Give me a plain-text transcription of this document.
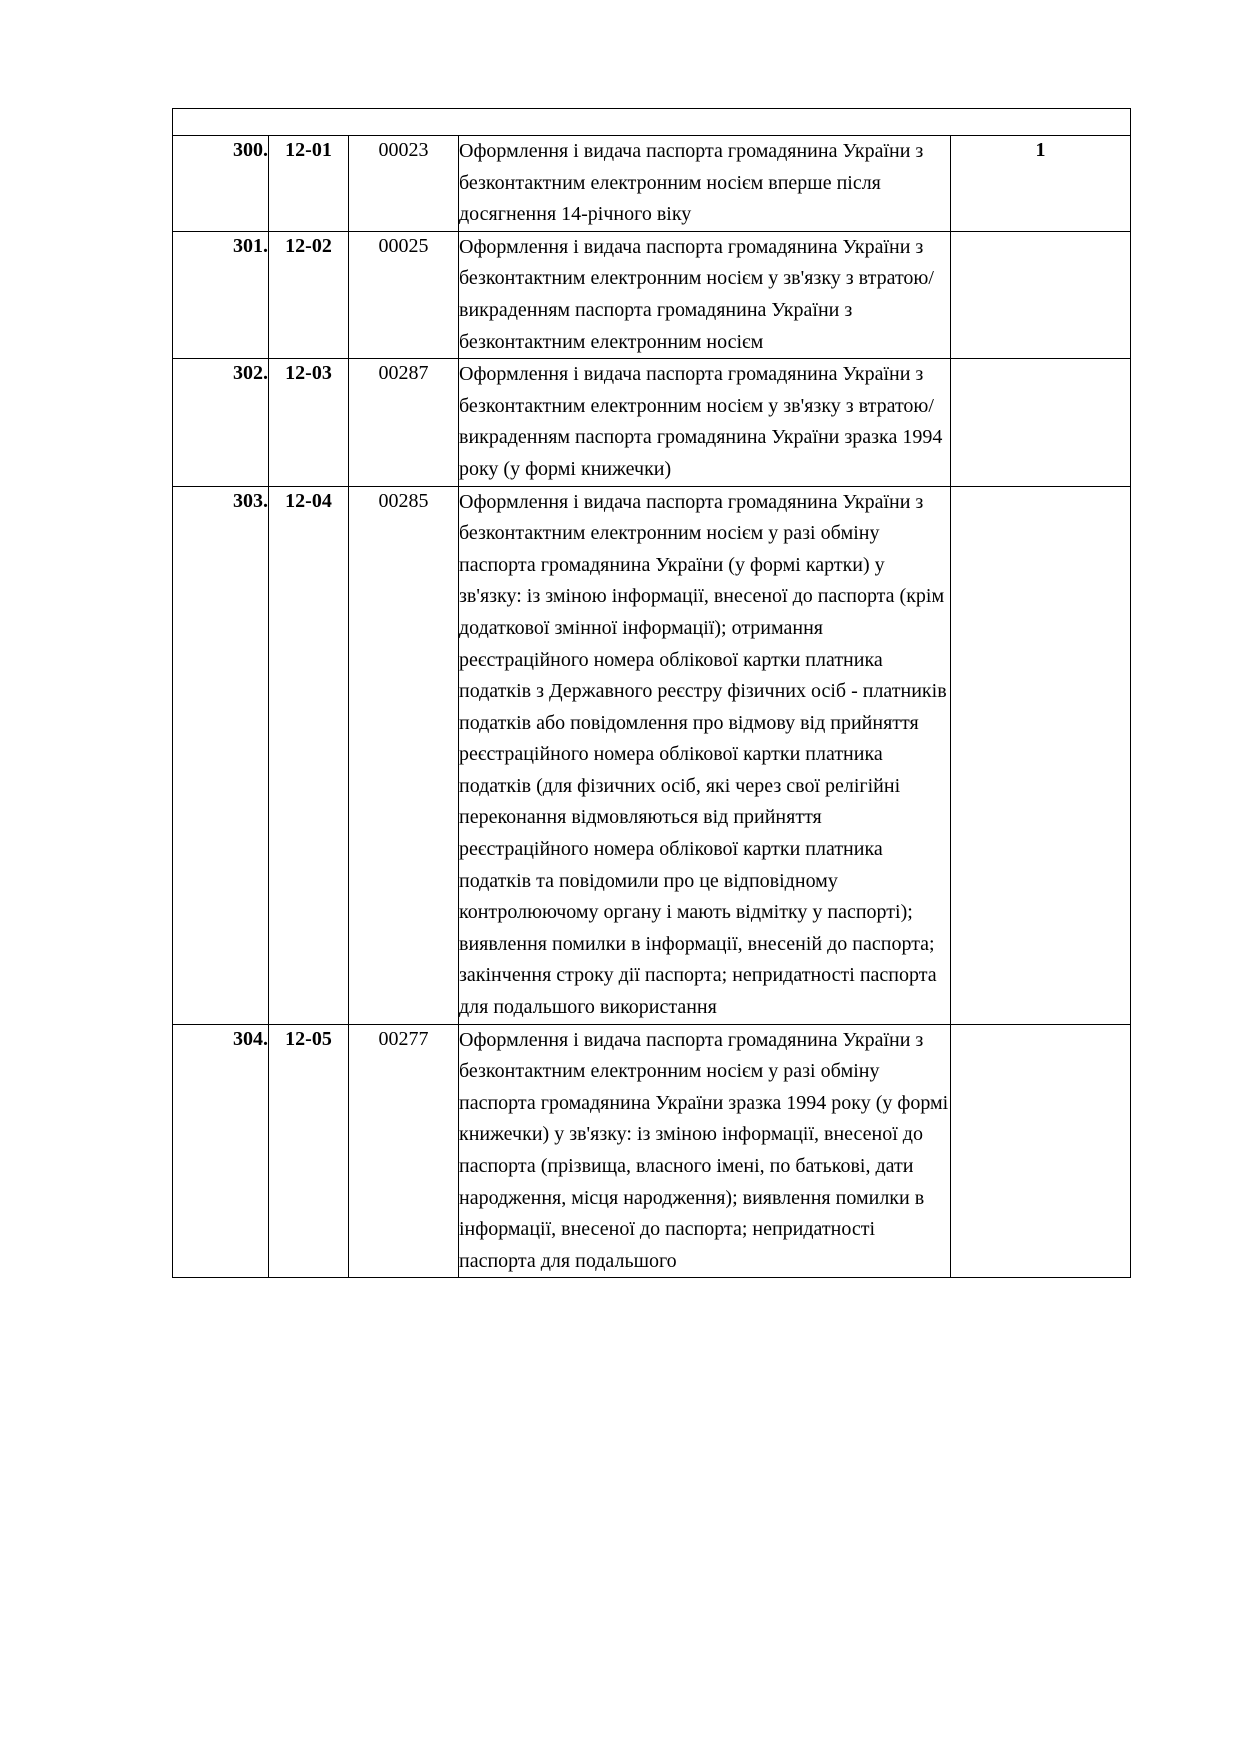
300.	12-01	00023	Оформлення і видача паспорта громадянина України з безконтактним електронним носієм вперше після досягнення 14-річного віку	1
301.	12-02	00025	Оформлення і видача паспорта громадянина України з безконтактним електронним носієм у зв'язку з втратою/викраденням паспорта громадянина України з безконтактним електронним носієм	
302.	12-03	00287	Оформлення і видача паспорта громадянина України з безконтактним електронним носієм у зв'язку з втратою/викраденням паспорта громадянина України зразка 1994 року (у формі книжечки)	
303.	12-04	00285	Оформлення і видача паспорта громадянина України з безконтактним електронним носієм у разі обміну паспорта громадянина України (у формі картки) у зв'язку: із зміною інформації, внесеної до паспорта (крім додаткової змінної інформації); отримання реєстраційного номера облікової картки платника податків з Державного реєстру фізичних осіб - платників податків або повідомлення про відмову від прийняття реєстраційного номера облікової картки платника податків (для фізичних осіб, які через свої релігійні переконання відмовляються від прийняття реєстраційного номера облікової картки платника податків та повідомили про це відповідному контролюючому органу і мають відмітку у паспорті); виявлення помилки в інформації, внесеній до паспорта; закінчення строку дії паспорта; непридатності паспорта для подальшого використання	
304.	12-05	00277	Оформлення і видача паспорта громадянина України з безконтактним електронним носієм у разі обміну паспорта громадянина України зразка 1994 року (у формі книжечки) у зв'язку: із зміною інформації, внесеної до паспорта (прізвища, власного імені, по батькові, дати народження, місця народження); виявлення помилки в інформації, внесеної до паспорта; непридатності паспорта для подальшого	
